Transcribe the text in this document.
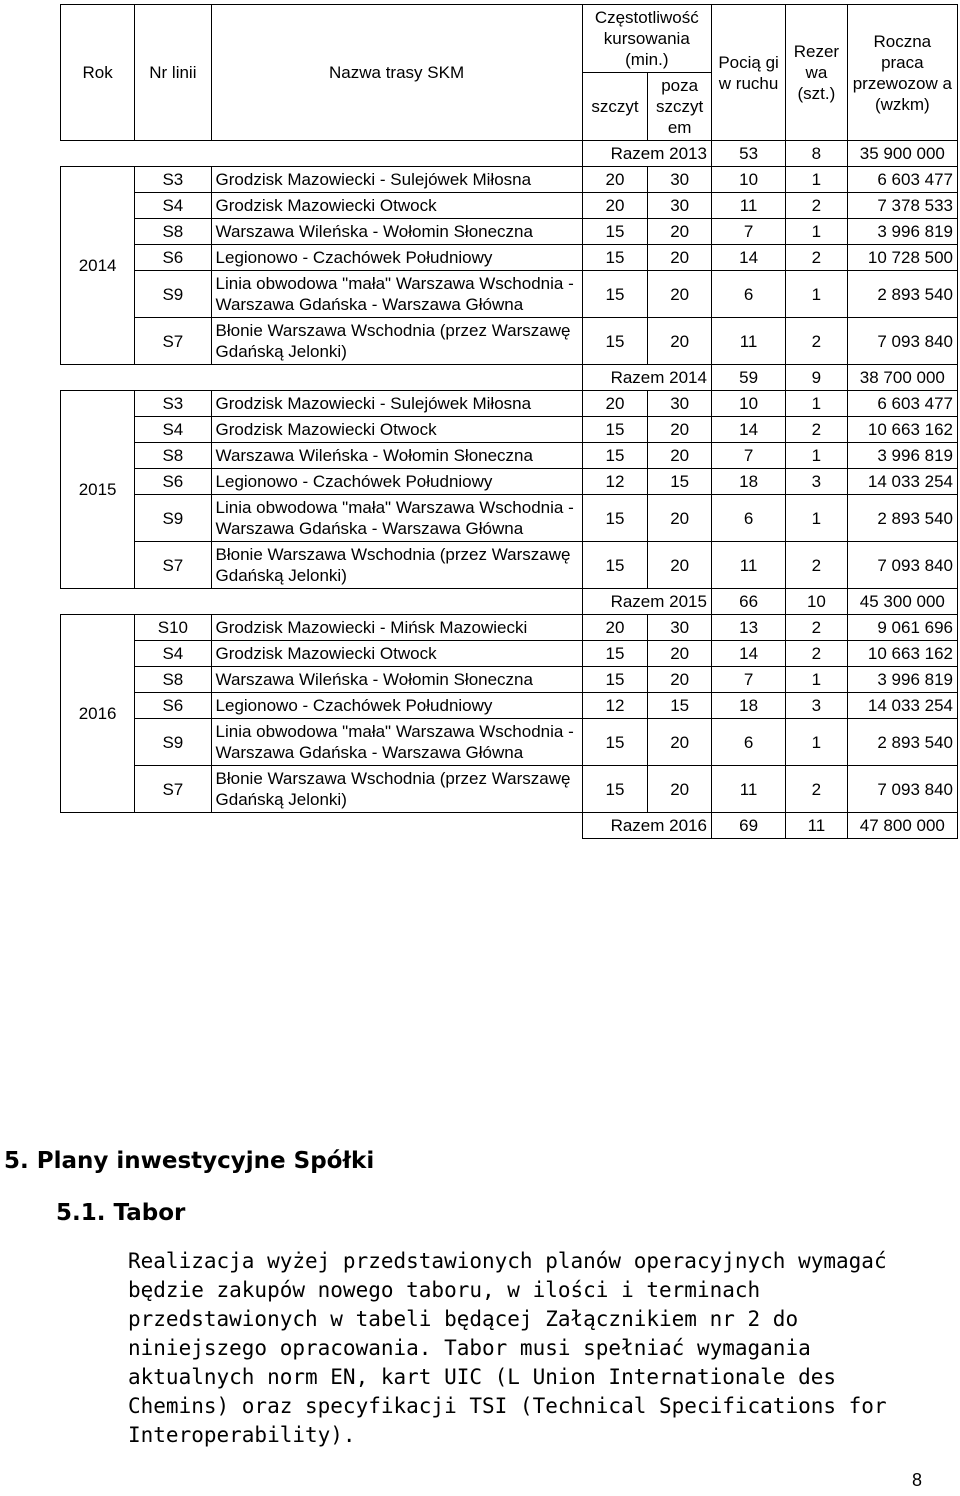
Rok	Nr linii	Nazwa trasy SKM	Częstotliwość kursowania (min.)		Pocią gi w ruchu	Rezer wa (szt.)	Roczna praca przewozow a (wzkm)
			szczyt	poza szczyt em			
			Razem 2013		53	8	35 900 000
2014	S3	Grodzisk Mazowiecki - Sulejówek Miłosna	20	30	10	1	6 603 477
	S4	Grodzisk Mazowiecki Otwock	20	30	11	2	7 378 533
	S8	Warszawa Wileńska - Wołomin Słoneczna	15	20	7	1	3 996 819
	S6	Legionowo - Czachówek Południowy	15	20	14	2	10 728 500
	S9	Linia obwodowa "mała" Warszawa Wschodnia - Warszawa Gdańska - Warszawa Główna	15	20	6	1	2 893 540
	S7	Błonie Warszawa Wschodnia (przez Warszawę Gdańską Jelonki)	15	20	11	2	7 093 840
			Razem 2014		59	9	38 700 000
2015	S3	Grodzisk Mazowiecki - Sulejówek Miłosna	20	30	10	1	6 603 477
	S4	Grodzisk Mazowiecki Otwock	15	20	14	2	10 663 162
	S8	Warszawa Wileńska - Wołomin Słoneczna	15	20	7	1	3 996 819
	S6	Legionowo - Czachówek Południowy	12	15	18	3	14 033 254
	S9	Linia obwodowa "mała" Warszawa Wschodnia - Warszawa Gdańska - Warszawa Główna	15	20	6	1	2 893 540
	S7	Błonie Warszawa Wschodnia (przez Warszawę Gdańską Jelonki)	15	20	11	2	7 093 840
			Razem 2015		66	10	45 300 000
2016	S10	Grodzisk Mazowiecki - Mińsk Mazowiecki	20	30	13	2	9 061 696
	S4	Grodzisk Mazowiecki Otwock	15	20	14	2	10 663 162
	S8	Warszawa Wileńska - Wołomin Słoneczna	15	20	7	1	3 996 819
	S6	Legionowo - Czachówek Południowy	12	15	18	3	14 033 254
	S9	Linia obwodowa "mała" Warszawa Wschodnia - Warszawa Gdańska - Warszawa Główna	15	20	6	1	2 893 540
	S7	Błonie Warszawa Wschodnia (przez Warszawę Gdańską Jelonki)	15	20	11	2	7 093 840
			Razem 2016		69	11	47 800 000
5. Plany inwestycyjne Spółki
5.1. Tabor

Realizacja wyżej przedstawionych planów operacyjnych wymagać będzie zakupów nowego taboru, w ilości i terminach przedstawionych w tabeli będącej Załącznikiem nr 2 do niniejszego opracowania. Tabor musi spełniać wymagania aktualnych norm EN, kart UIC (L Union Internationale des Chemins) oraz specyfikacji TSI (Technical Specifications for Interoperability).

8
